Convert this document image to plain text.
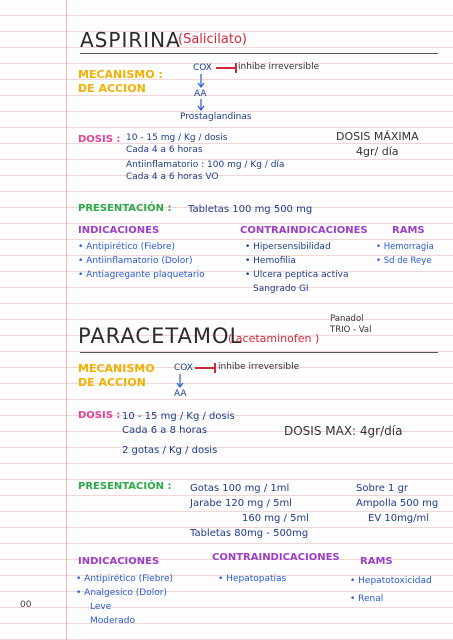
ASPIRINA
(Salicilato)
MECANISMO :
DE ACCION
COX	inhibe irreversible
AA
Prostaglandinas
DOSIS : 10 - 15 mg / Kg / dosis
Cada 4 a 6 horas
Antiinflamatorio : 100 mg / Kg / día
Cada 4 a 6 horas VO
DOSIS MÁXIMA
4gr/ día
PRESENTACIÓN : Tabletas 100 mg 500 mg
INDICACIONES
• Antipirético (Fiebre)
• Antiinflamatorio (Dolor)
• Antiagregante plaquetario
CONTRAINDICACIONES
• Hipersensibilidad
• Hemofilia
• Ulcera peptica activa
Sangrado GI
RAMS
• Hemorragia
• Sd de Reye
PARACETAMOL
( acetaminofen )
Panadol
TRIO - Val
MECANISMO
DE ACCION
COX	inhibe irreversible
AA
DOSIS : 10 - 15 mg / Kg / dosis
Cada 6 a 8 horas
2 gotas / Kg / dosis
DOSIS MAX: 4gr/día
PRESENTACIÓN : Gotas 100 mg / 1ml
Jarabe 120 mg / 5ml
160 mg / 5ml
Tabletas 80mg - 500mg
Sobre 1 gr
Ampolla 500 mg
EV 10mg/ml
INDICACIONES
• Antipirético (Fiebre)
• Analgesico (Dolor)
Leve
Moderado
CONTRAINDICACIONES
• Hepatopatias
RAMS
• Hepatotoxicidad
• Renal
00
